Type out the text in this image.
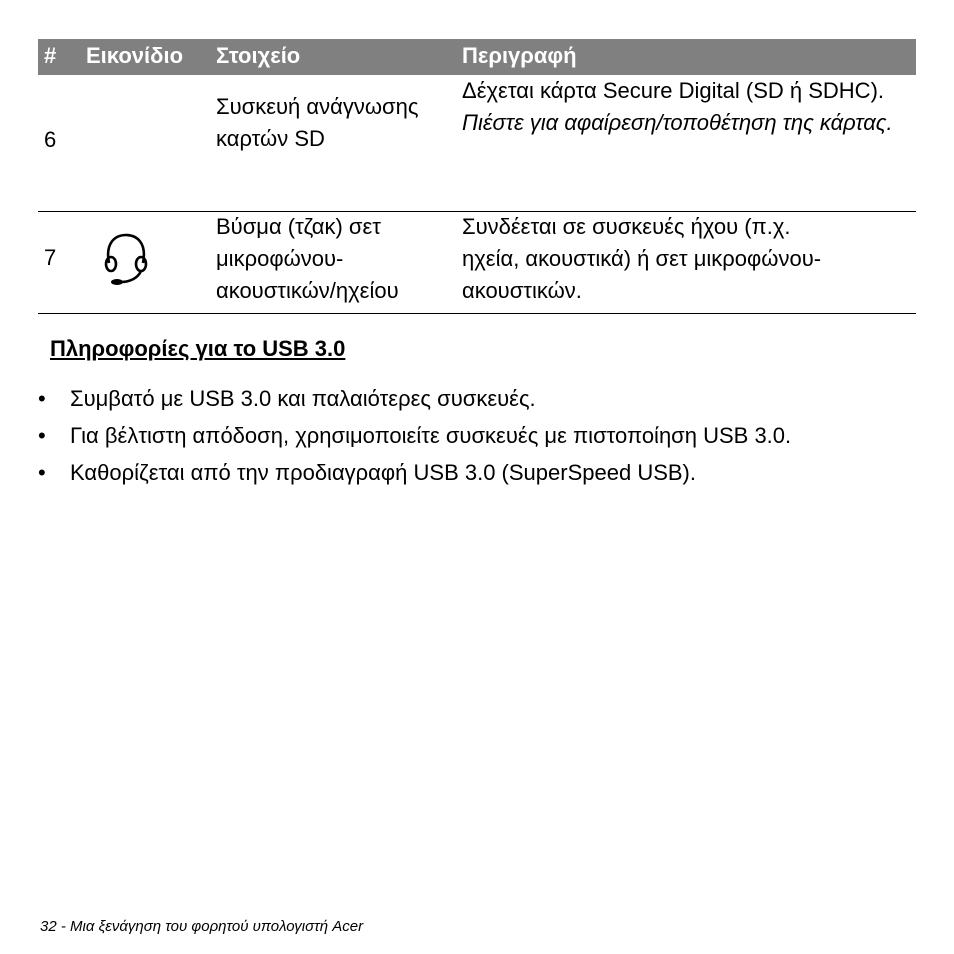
# Εικονίδιο Στοιχείο	Περιγραφή
6
Συσκευή ανάγνωσης καρτών SD

Δέχεται κάρτα Secure Digital (SD ή SDHC).

Πιέστε για αφαίρεση/τοποθέτηση της κάρτας.

7
Βύσμα (τζακ) σετ μικροφώνου-ακουστικών/ηχείου
Συνδέεται σε συσκευές ήχου (π.χ. ηχεία, ακουστικά) ή σετ μικροφώνου-ακουστικών.
Πληροφορίες για το USB 3.0
• Συμβατό με USB 3.0 και παλαιότερες συσκευές.
• Για βέλτιστη απόδοση, χρησιμοποιείτε συσκευές με πιστοποίηση USB 3.0.
• Καθορίζεται από την προδιαγραφή USB 3.0 (SuperSpeed USB).
32 - Μια ξενάγηση του φορητού υπολογιστή Acer
